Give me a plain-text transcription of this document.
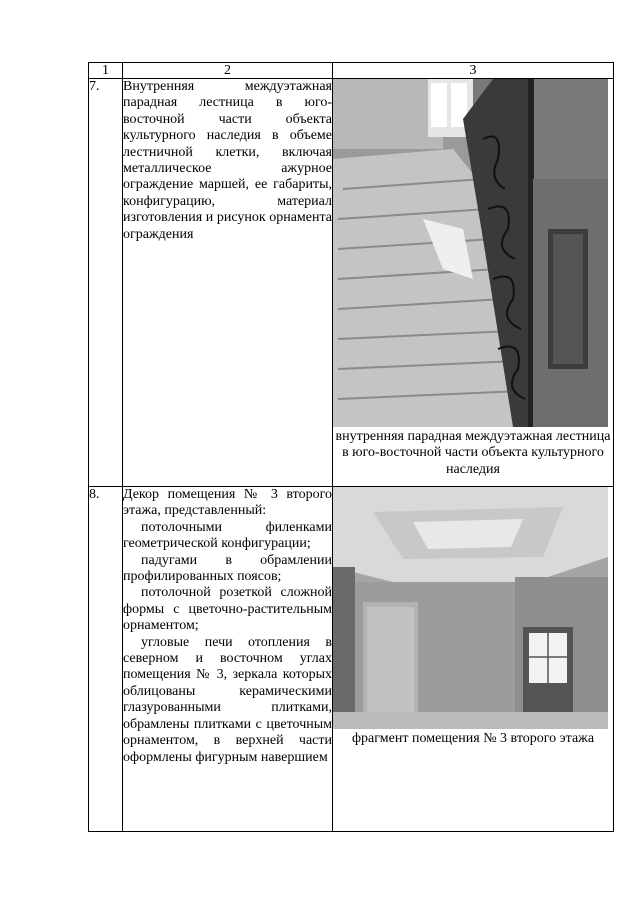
1	2	3
7.	Внутренняя междуэтажная парадная лестница в юго-восточной части объекта культурного наследия в объеме лестничной клетки, включая металлическое ажурное ограждение маршей, ее габариты, конфигурацию, материал изготовления и рисунок орнамента ограждения	внутренняя парадная междуэтажная лестница в юго-восточной части объекта культурного наследия

8.	Декор помещения № 3 второго этажа, представленный:
потолочными филенками геометрической конфигурации;
падугами в обрамлении профилированных поясов;
потолочной розеткой сложной формы с цветочно-растительным орнаментом;
угловые печи отопления в северном и восточном углах помещения № 3, зеркала которых облицованы керамическими глазурованными плитками, обрамлены плитками с цветочным орнаментом, в верхней части оформлены фигурным навершием	фрагмент помещения № 3 второго этажа
